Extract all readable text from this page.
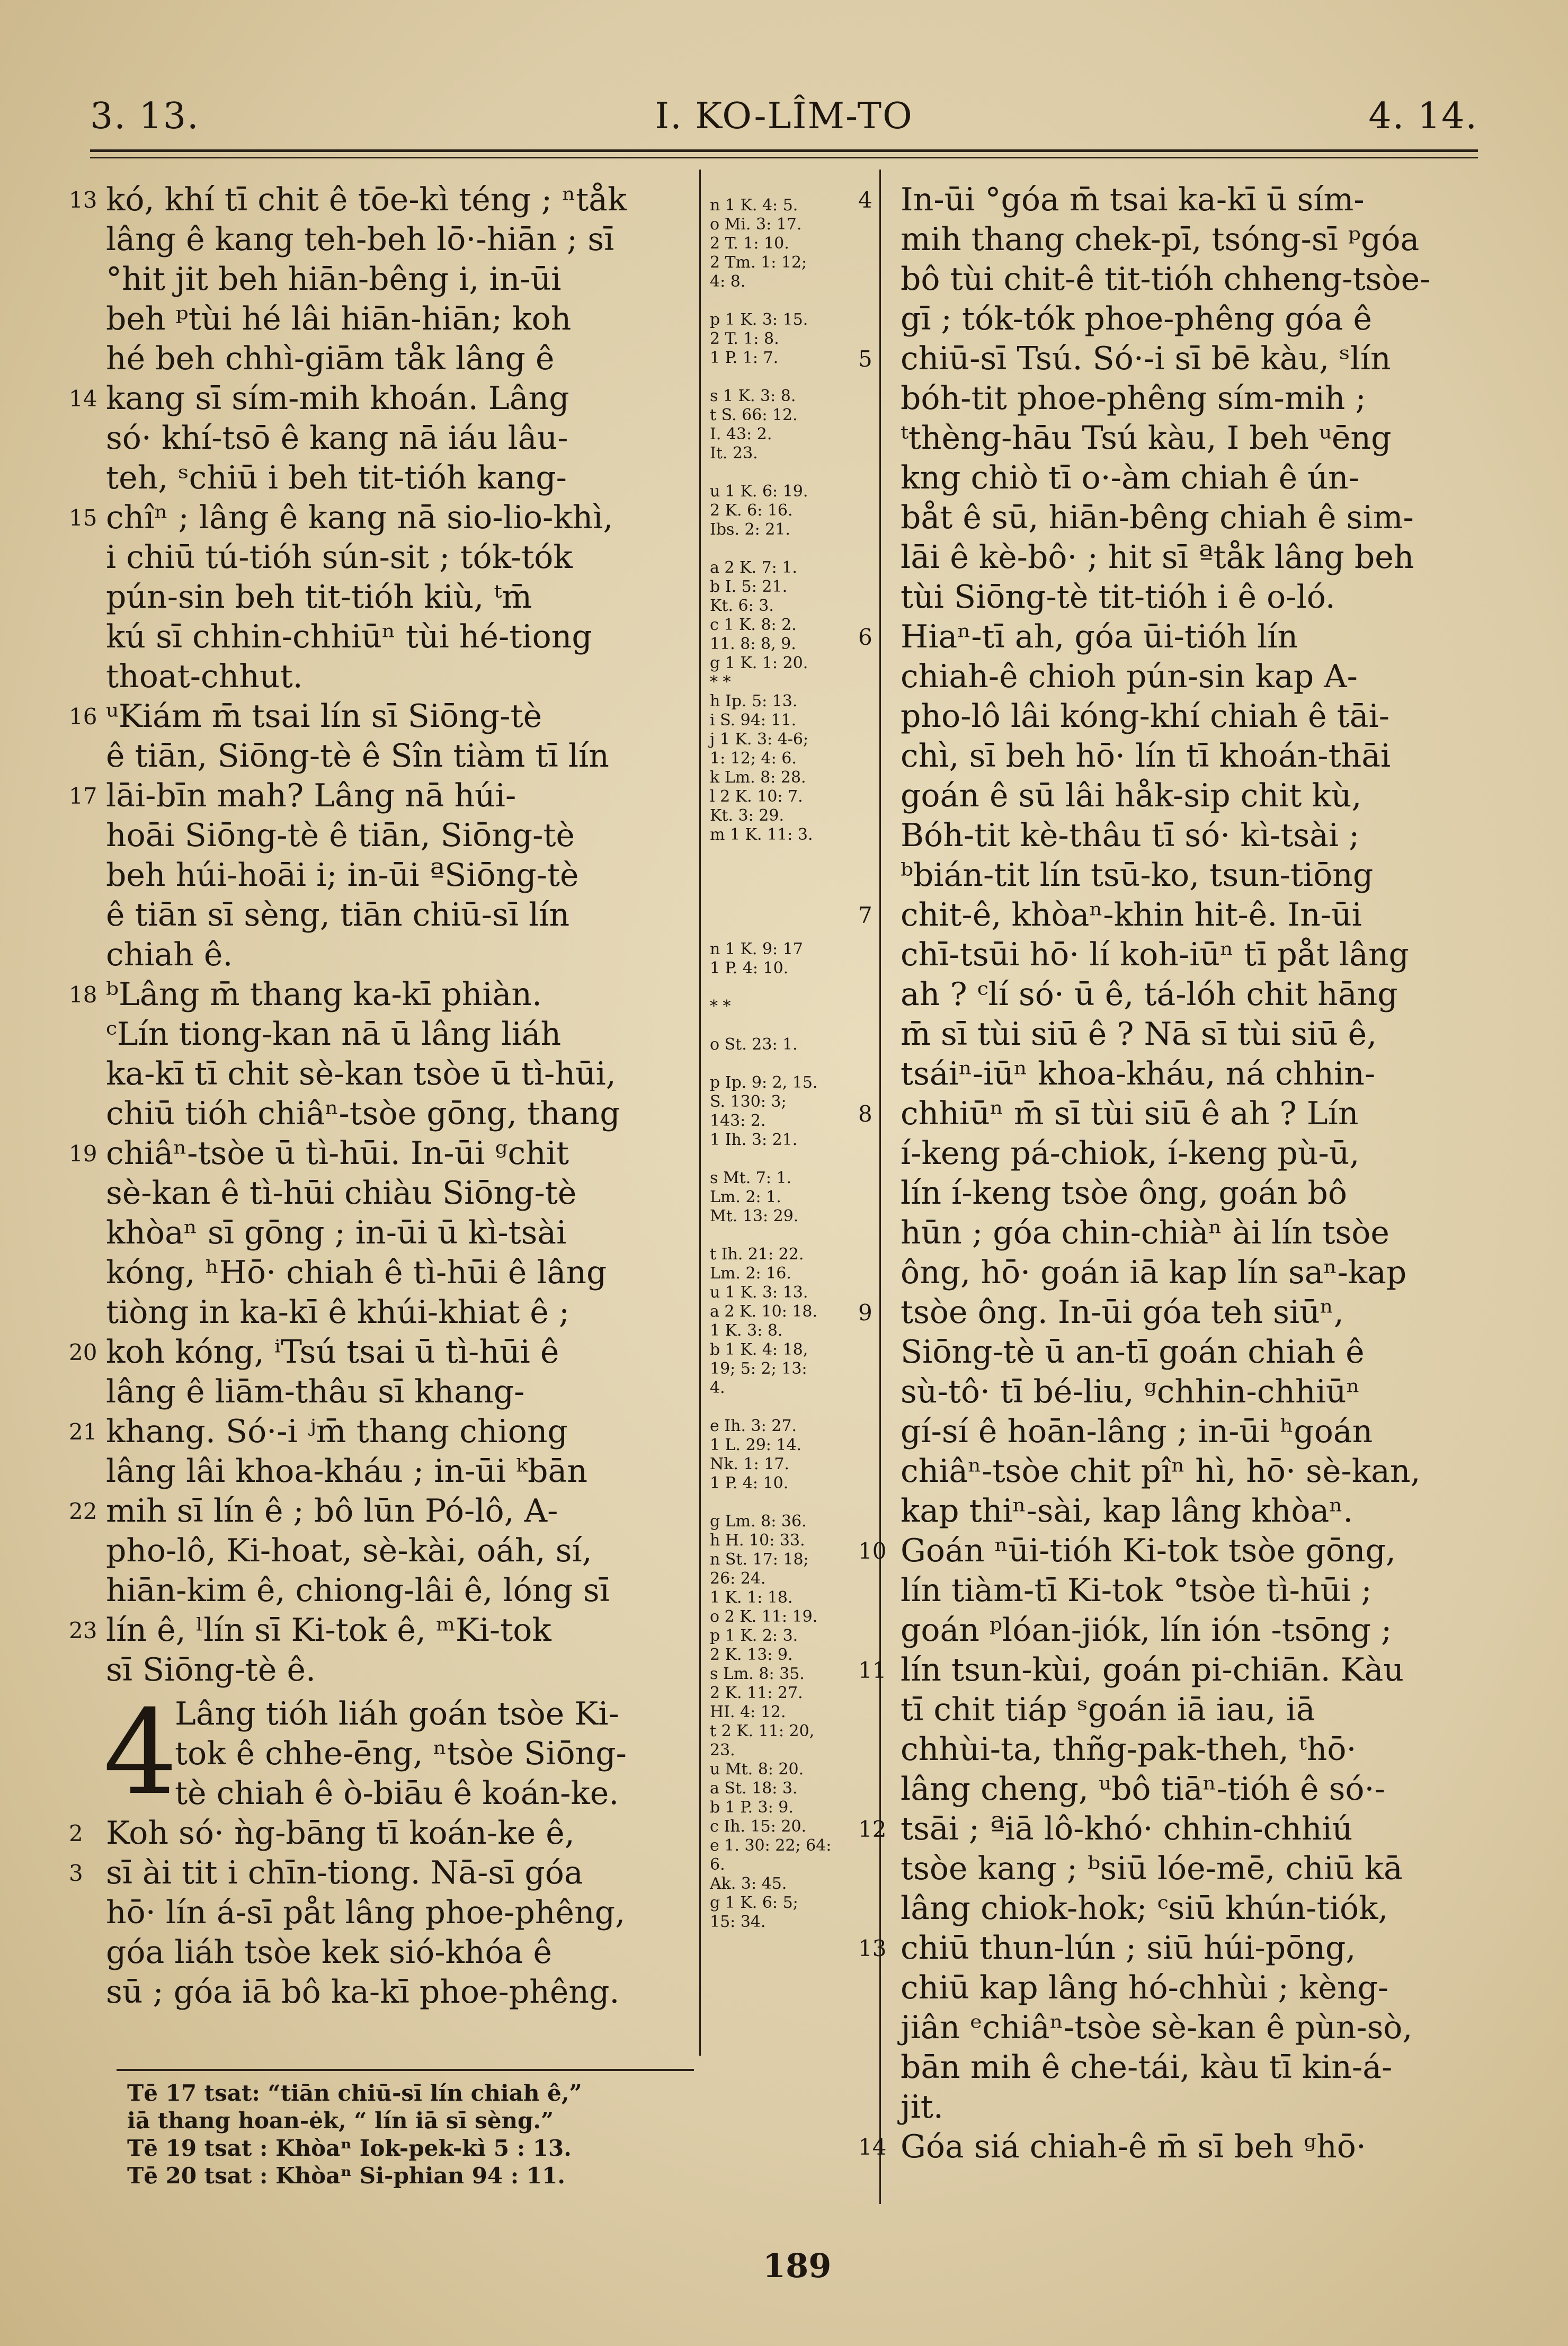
3. 13.	I. KO-LÎM-TO	4. 14.
13 kó, khí tī chit ê tōe-kì téng ; ⁿtåk
lâng ê kang teh-beh lō·-hiān ; sī
°hit jit beh hiān-bêng i, in-ūi
beh ᵖtùi hé lâi hiān-hiān; koh
hé beh chhì-giām tåk lâng ê
14 kang sī sím-mih khoán. Lâng
só· khí-tsō ê kang nā iáu lâu-
teh, ˢchiū i beh tit-tióh kang-
15 chîⁿ ; lâng ê kang nā sio-lio-khì,
i chiū tú-tióh sún-sit ; tók-tók
pún-sin beh tit-tióh kiù, ᵗm̄
kú sī chhin-chhiūⁿ tùi hé-tiong
thoat-chhut.
16 ᵘKiám m̄ tsai lín sī Siōng-tè
ê tiān, Siōng-tè ê Sîn tiàm tī lín
17 lāi-bīn mah? Lâng nā húi-
hoāi Siōng-tè ê tiān, Siōng-tè
beh húi-hoāi i; in-ūi ªSiōng-tè
ê tiān sī sèng, tiān chiū-sī lín
chiah ê.
18 ᵇLâng m̄ thang ka-kī phiàn.
ᶜLín tiong-kan nā ū lâng liáh
ka-kī tī chit sè-kan tsòe ū tì-hūi,
chiū tióh chiâⁿ-tsòe gōng, thang
19 chiâⁿ-tsòe ū tì-hūi. In-ūi ᵍchit
sè-kan ê tì-hūi chiàu Siōng-tè
khòaⁿ sī gōng ; in-ūi ū kì-tsài
kóng, ʰHō· chiah ê tì-hūi ê lâng
tiòng in ka-kī ê khúi-khiat ê ;
20 koh kóng, ⁱTsú tsai ū tì-hūi ê
lâng ê liām-thâu sī khang-
21 khang. Só·-i ʲm̄ thang chiong
lâng lâi khoa-kháu ; in-ūi ᵏbān
22 mih sī lín ê ; bô lūn Pó-lô, A-
pho-lô, Ki-hoat, sè-kài, oáh, sí,
hiān-kim ê, chiong-lâi ê, lóng sī
23 lín ê, ˡlín sī Ki-tok ê, ᵐKi-tok
sī Siōng-tè ê.
4
Lâng tióh liáh goán tsòe Ki-
tok ê chhe-ēng, ⁿtsòe Siōng-
tè chiah ê ò-biāu ê koán-ke.
2 Koh só· ǹg-bāng tī koán-ke ê,
3 sī ài tit i chīn-tiong. Nā-sī góa
hō· lín á-sī påt lâng phoe-phêng,
góa liáh tsòe kek sió-khóa ê
sū ; góa iā bô ka-kī phoe-phêng.
n 1 K. 4: 5.
o Mi. 3: 17.
2 T. 1: 10.
2 Tm. 1: 12;
4: 8.
p 1 K. 3: 15.
2 T. 1: 8.
1 P. 1: 7.
s 1 K. 3: 8.
t S. 66: 12.
I. 43: 2.
It. 23.
u 1 K. 6: 19.
2 K. 6: 16.
Ibs. 2: 21.
a 2 K. 7: 1.
b I. 5: 21.
Kt. 6: 3.
c 1 K. 8: 2.
11. 8: 8, 9.
g 1 K. 1: 20.
* *
h Ip. 5: 13.
i S. 94: 11.
j 1 K. 3: 4-6;
1: 12; 4: 6.
k Lm. 8: 28.
l 2 K. 10: 7.
Kt. 3: 29.
m 1 K. 11: 3.
n 1 K. 9: 17
1 P. 4: 10.
* *
o St. 23: 1.
p Ip. 9: 2, 15.
S. 130: 3;
143: 2.
1 Ih. 3: 21.
s Mt. 7: 1.
Lm. 2: 1.
Mt. 13: 29.
t Ih. 21: 22.
Lm. 2: 16.
u 1 K. 3: 13.
a 2 K. 10: 18.
1 K. 3: 8.
b 1 K. 4: 18,
19; 5: 2; 13:
4.
e Ih. 3: 27.
1 L. 29: 14.
Nk. 1: 17.
1 P. 4: 10.
g Lm. 8: 36.
h H. 10: 33.
n St. 17: 18;
26: 24.
1 K. 1: 18.
o 2 K. 11: 19.
p 1 K. 2: 3.
2 K. 13: 9.
s Lm. 8: 35.
2 K. 11: 27.
HI. 4: 12.
t 2 K. 11: 20,
23.
u Mt. 8: 20.
a St. 18: 3.
b 1 P. 3: 9.
c Ih. 15: 20.
e 1. 30: 22; 64:
6.
Ak. 3: 45.
g 1 K. 6: 5;
15: 34.
4 In-ūi °góa m̄ tsai ka-kī ū sím-
mih thang chek-pī, tsóng-sī ᵖgóa
bô tùi chit-ê tit-tióh chheng-tsòe-
gī ; tók-tók phoe-phêng góa ê
5 chiū-sī Tsú. Só·-i sī bē kàu, ˢlín
bóh-tit phoe-phêng sím-mih ;
ᵗthèng-hāu Tsú kàu, I beh ᵘēng
kng chiò tī o·-àm chiah ê ún-
båt ê sū, hiān-bêng chiah ê sim-
lāi ê kè-bô· ; hit sī ªtåk lâng beh
tùi Siōng-tè tit-tióh i ê o-ló.
6 Hiaⁿ-tī ah, góa ūi-tióh lín
chiah-ê chioh pún-sin kap A-
pho-lô lâi kóng-khí chiah ê tāi-
chì, sī beh hō· lín tī khoán-thāi
goán ê sū lâi håk-sip chit kù,
Bóh-tit kè-thâu tī só· kì-tsài ;
ᵇbián-tit lín tsū-ko, tsun-tiōng
7 chit-ê, khòaⁿ-khin hit-ê. In-ūi
chī-tsūi hō· lí koh-iūⁿ tī påt lâng
ah ? ᶜlí só· ū ê, tá-lóh chit hāng
m̄ sī tùi siū ê ? Nā sī tùi siū ê,
tsáiⁿ-iūⁿ khoa-kháu, ná chhin-
8 chhiūⁿ m̄ sī tùi siū ê ah ? Lín
í-keng pá-chiok, í-keng pù-ū,
lín í-keng tsòe ông, goán bô
hūn ; góa chin-chiàⁿ ài lín tsòe
ông, hō· goán iā kap lín saⁿ-kap
9 tsòe ông. In-ūi góa teh siūⁿ,
Siōng-tè ū an-tī goán chiah ê
sù-tô· tī bé-liu, ᵍchhin-chhiūⁿ
gí-sí ê hoān-lâng ; in-ūi ʰgoán
chiâⁿ-tsòe chit pîⁿ hì, hō· sè-kan,
kap thiⁿ-sài, kap lâng khòaⁿ.
10 Goán ⁿūi-tióh Ki-tok tsòe gōng,
lín tiàm-tī Ki-tok °tsòe tì-hūi ;
goán ᵖlóan-jiók, lín ión -tsōng ;
11 lín tsun-kùi, goán pi-chiān. Kàu
tī chit tiáp ˢgoán iā iau, iā
chhùi-ta, thñg-pak-theh, ᵗhō·
lâng cheng, ᵘbô tiāⁿ-tióh ê só·-
12 tsāi ; ªiā lô-khó· chhin-chhiú
tsòe kang ; ᵇsiū lóe-mē, chiū kā
lâng chiok-hok; ᶜsiū khún-tiók,
13 chiū thun-lún ; siū húi-pōng,
chiū kap lâng hó-chhùi ; kèng-
jiân ᵉchiâⁿ-tsòe sè-kan ê pùn-sò,
bān mih ê che-tái, kàu tī kin-á-
jit.
14 Góa siá chiah-ê m̄ sī beh ᵍhō·
Tē 17 tsat: “tiān chiū-sī lín chiah ê,”
iā thang hoan-ėk, “ lín iā sī sèng.”
Tē 19 tsat : Khòaⁿ Iok-pek-kì 5 : 13.
Tē 20 tsat : Khòaⁿ Si-phian 94 : 11.
189
